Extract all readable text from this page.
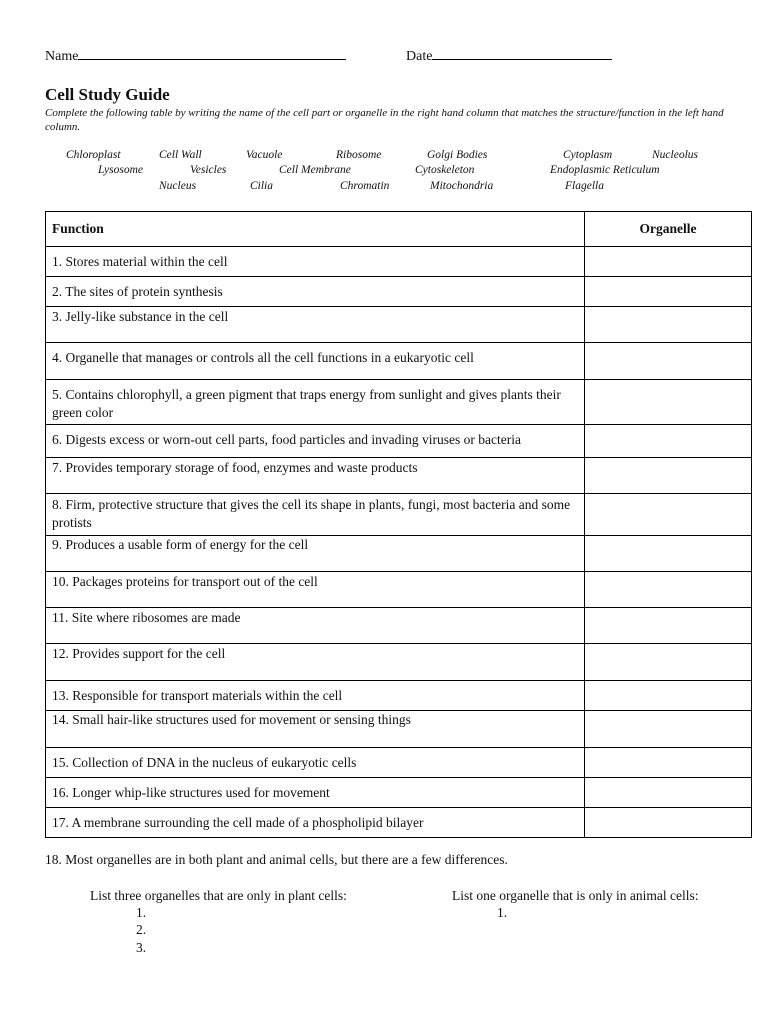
Name	Date
Cell Study Guide
Complete the following table by writing the name of the cell part or organelle in the right hand column that matches the structure/function in the left hand column.
Chloroplast	Cell Wall	Vacuole	Ribosome	Golgi Bodies	Cytoplasm	Nucleolus
Lysosome	Vesicles	Cell Membrane	Cytoskeleton	Endoplasmic Reticulum
Nucleus	Cilia	Chromatin	Mitochondria	Flagella
Function	Organelle
1. Stores material within the cell	
2. The sites of protein synthesis	
3. Jelly-like substance in the cell	
4. Organelle that manages or controls all the cell functions in a eukaryotic cell	
5. Contains chlorophyll, a green pigment that traps energy from sunlight and gives plants their green color	
6. Digests excess or worn-out cell parts, food particles and invading viruses or bacteria	
7. Provides temporary storage of food, enzymes and waste products	
8. Firm, protective structure that gives the cell its shape in plants, fungi, most bacteria and some protists	
9. Produces a usable form of energy for the cell	
10. Packages proteins for transport out of the cell	
11. Site where ribosomes are made	
12. Provides support for the cell	
13. Responsible for transport materials within the cell	
14. Small hair-like structures used for movement or sensing things	
15. Collection of DNA in the nucleus of eukaryotic cells	
16. Longer whip-like structures used for movement	
17. A membrane surrounding the cell made of a phospholipid bilayer	
18. Most organelles are in both plant and animal cells, but there are a few differences.
List three organelles that are only in plant cells:
1.
2.
3.
List one organelle that is only in animal cells:
1.
